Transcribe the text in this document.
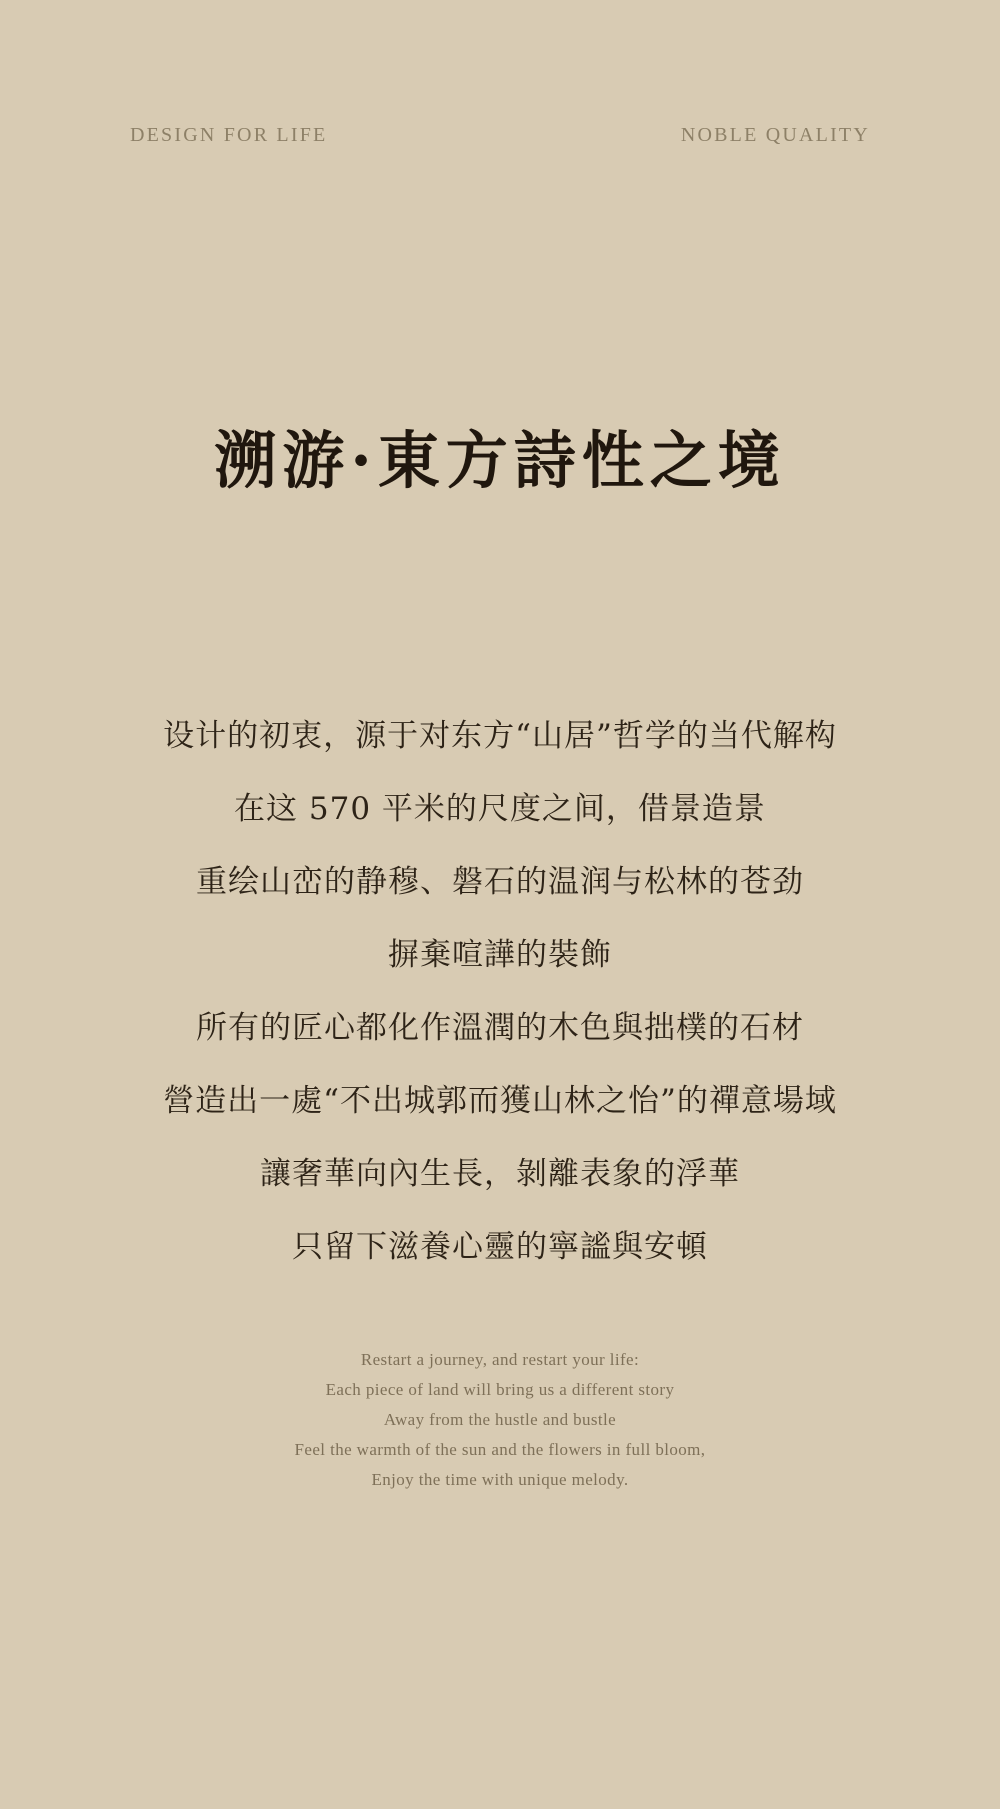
DESIGN FOR LIFE	NOBLE QUALITY
溯游·東方詩性之境
设计的初衷，源于对东方“山居”哲学的当代解构
在这 570 平米的尺度之间，借景造景
重绘山峦的静穆、磐石的温润与松林的苍劲
摒棄喧譁的裝飾
所有的匠心都化作溫潤的木色與拙樸的石材
營造出一處“不出城郭而獲山林之怡”的禪意場域
讓奢華向內生長，剝離表象的浮華
只留下滋養心靈的寧謐與安頓
Restart a journey, and restart your life:
Each piece of land will bring us a different story
Away from the hustle and bustle
Feel the warmth of the sun and the flowers in full bloom,
Enjoy the time with unique melody.
